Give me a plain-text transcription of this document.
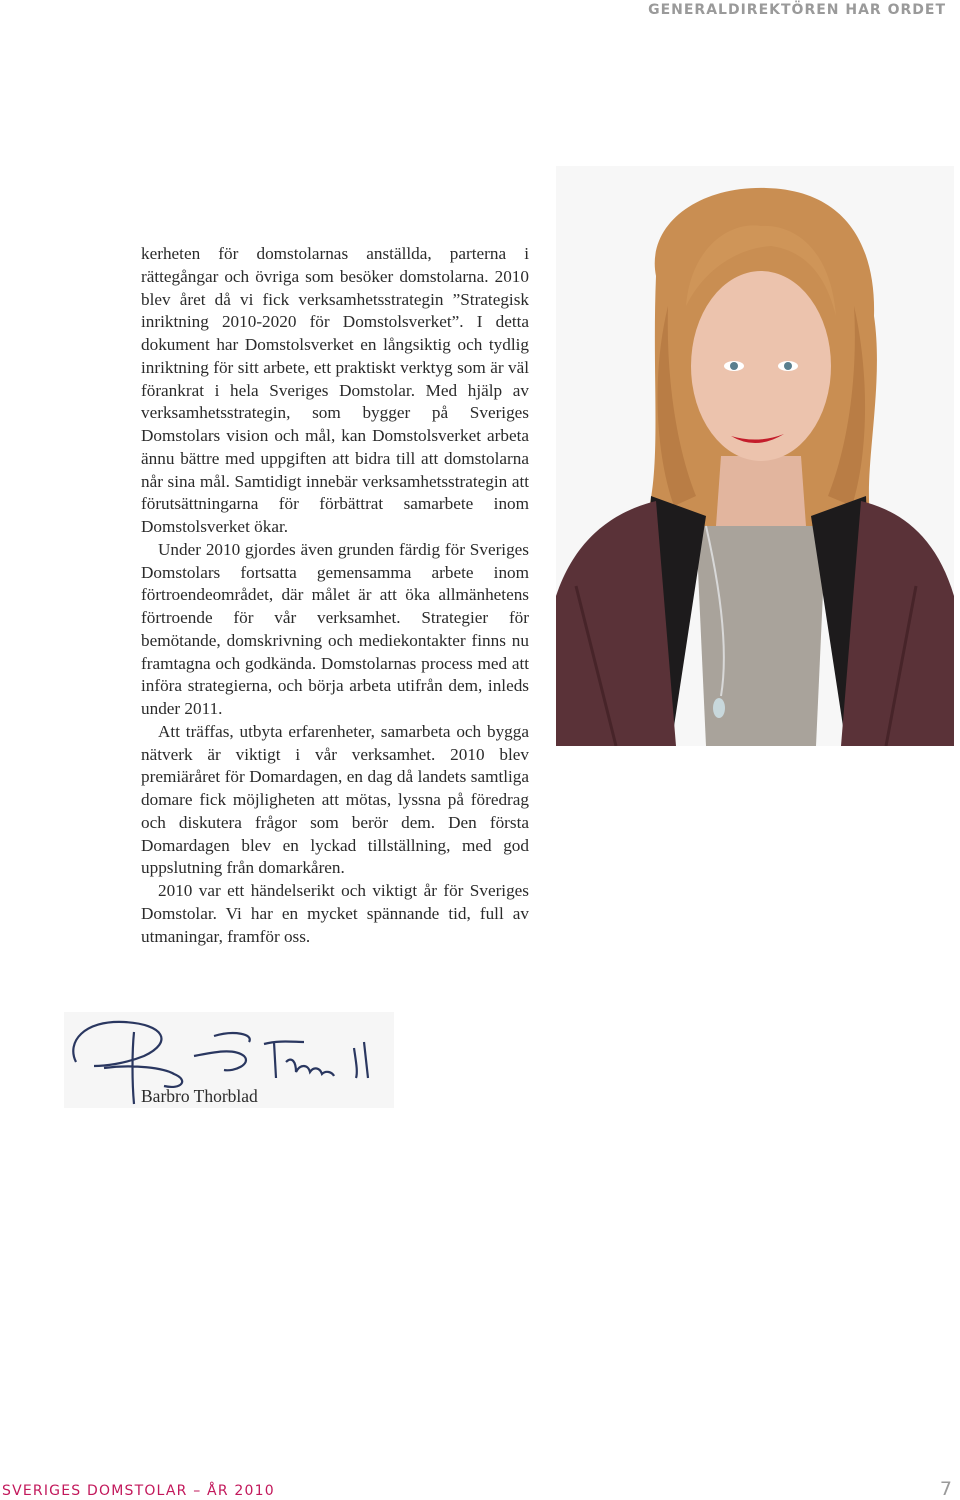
GENERALDIREKTÖREN HAR ORDET

kerheten för domstolarnas anställda, parterna i rättegångar och övriga som besöker domstolarna. 2010 blev året då vi fick verksamhetsstrategin ”Strategisk inriktning 2010-2020 för Domstolsverket”. I detta dokument har Domstolsverket en långsiktig och tydlig inriktning för sitt arbete, ett praktiskt verktyg som är väl förankrat i hela Sveriges Domstolar. Med hjälp av verksamhetsstrategin, som bygger på Sveriges Domstolars vision och mål, kan Domstolsverket arbeta ännu bättre med uppgiften att bidra till att domstolarna når sina mål. Samtidigt innebär verksamhetsstrategin att förutsättningarna för förbättrat samarbete inom Domstolsverket ökar.

Under 2010 gjordes även grunden färdig för Sveriges Domstolars fortsatta gemensamma arbete inom förtroendeområdet, där målet är att öka allmänhetens förtroende för vår verksamhet. Strategier för bemötande, domskrivning och mediekontakter finns nu framtagna och godkända. Domstolarnas process med att införa strategierna, och börja arbeta utifrån dem, inleds under 2011.

Att träffas, utbyta erfarenheter, samarbeta och bygga nätverk är viktigt i vår verksamhet. 2010 blev premiäråret för Domardagen, en dag då landets samtliga domare fick möjligheten att mötas, lyssna på föredrag och diskutera frågor som berör dem. Den första Domardagen blev en lyckad tillställning, med god uppslutning från domarkåren.

2010 var ett händelserikt och viktigt år för Sveriges Domstolar. Vi har en mycket spännande tid, full av utmaningar, framför oss.

Barbro Thorblad
SVERIGES DOMSTOLAR – ÅR 2010	7
